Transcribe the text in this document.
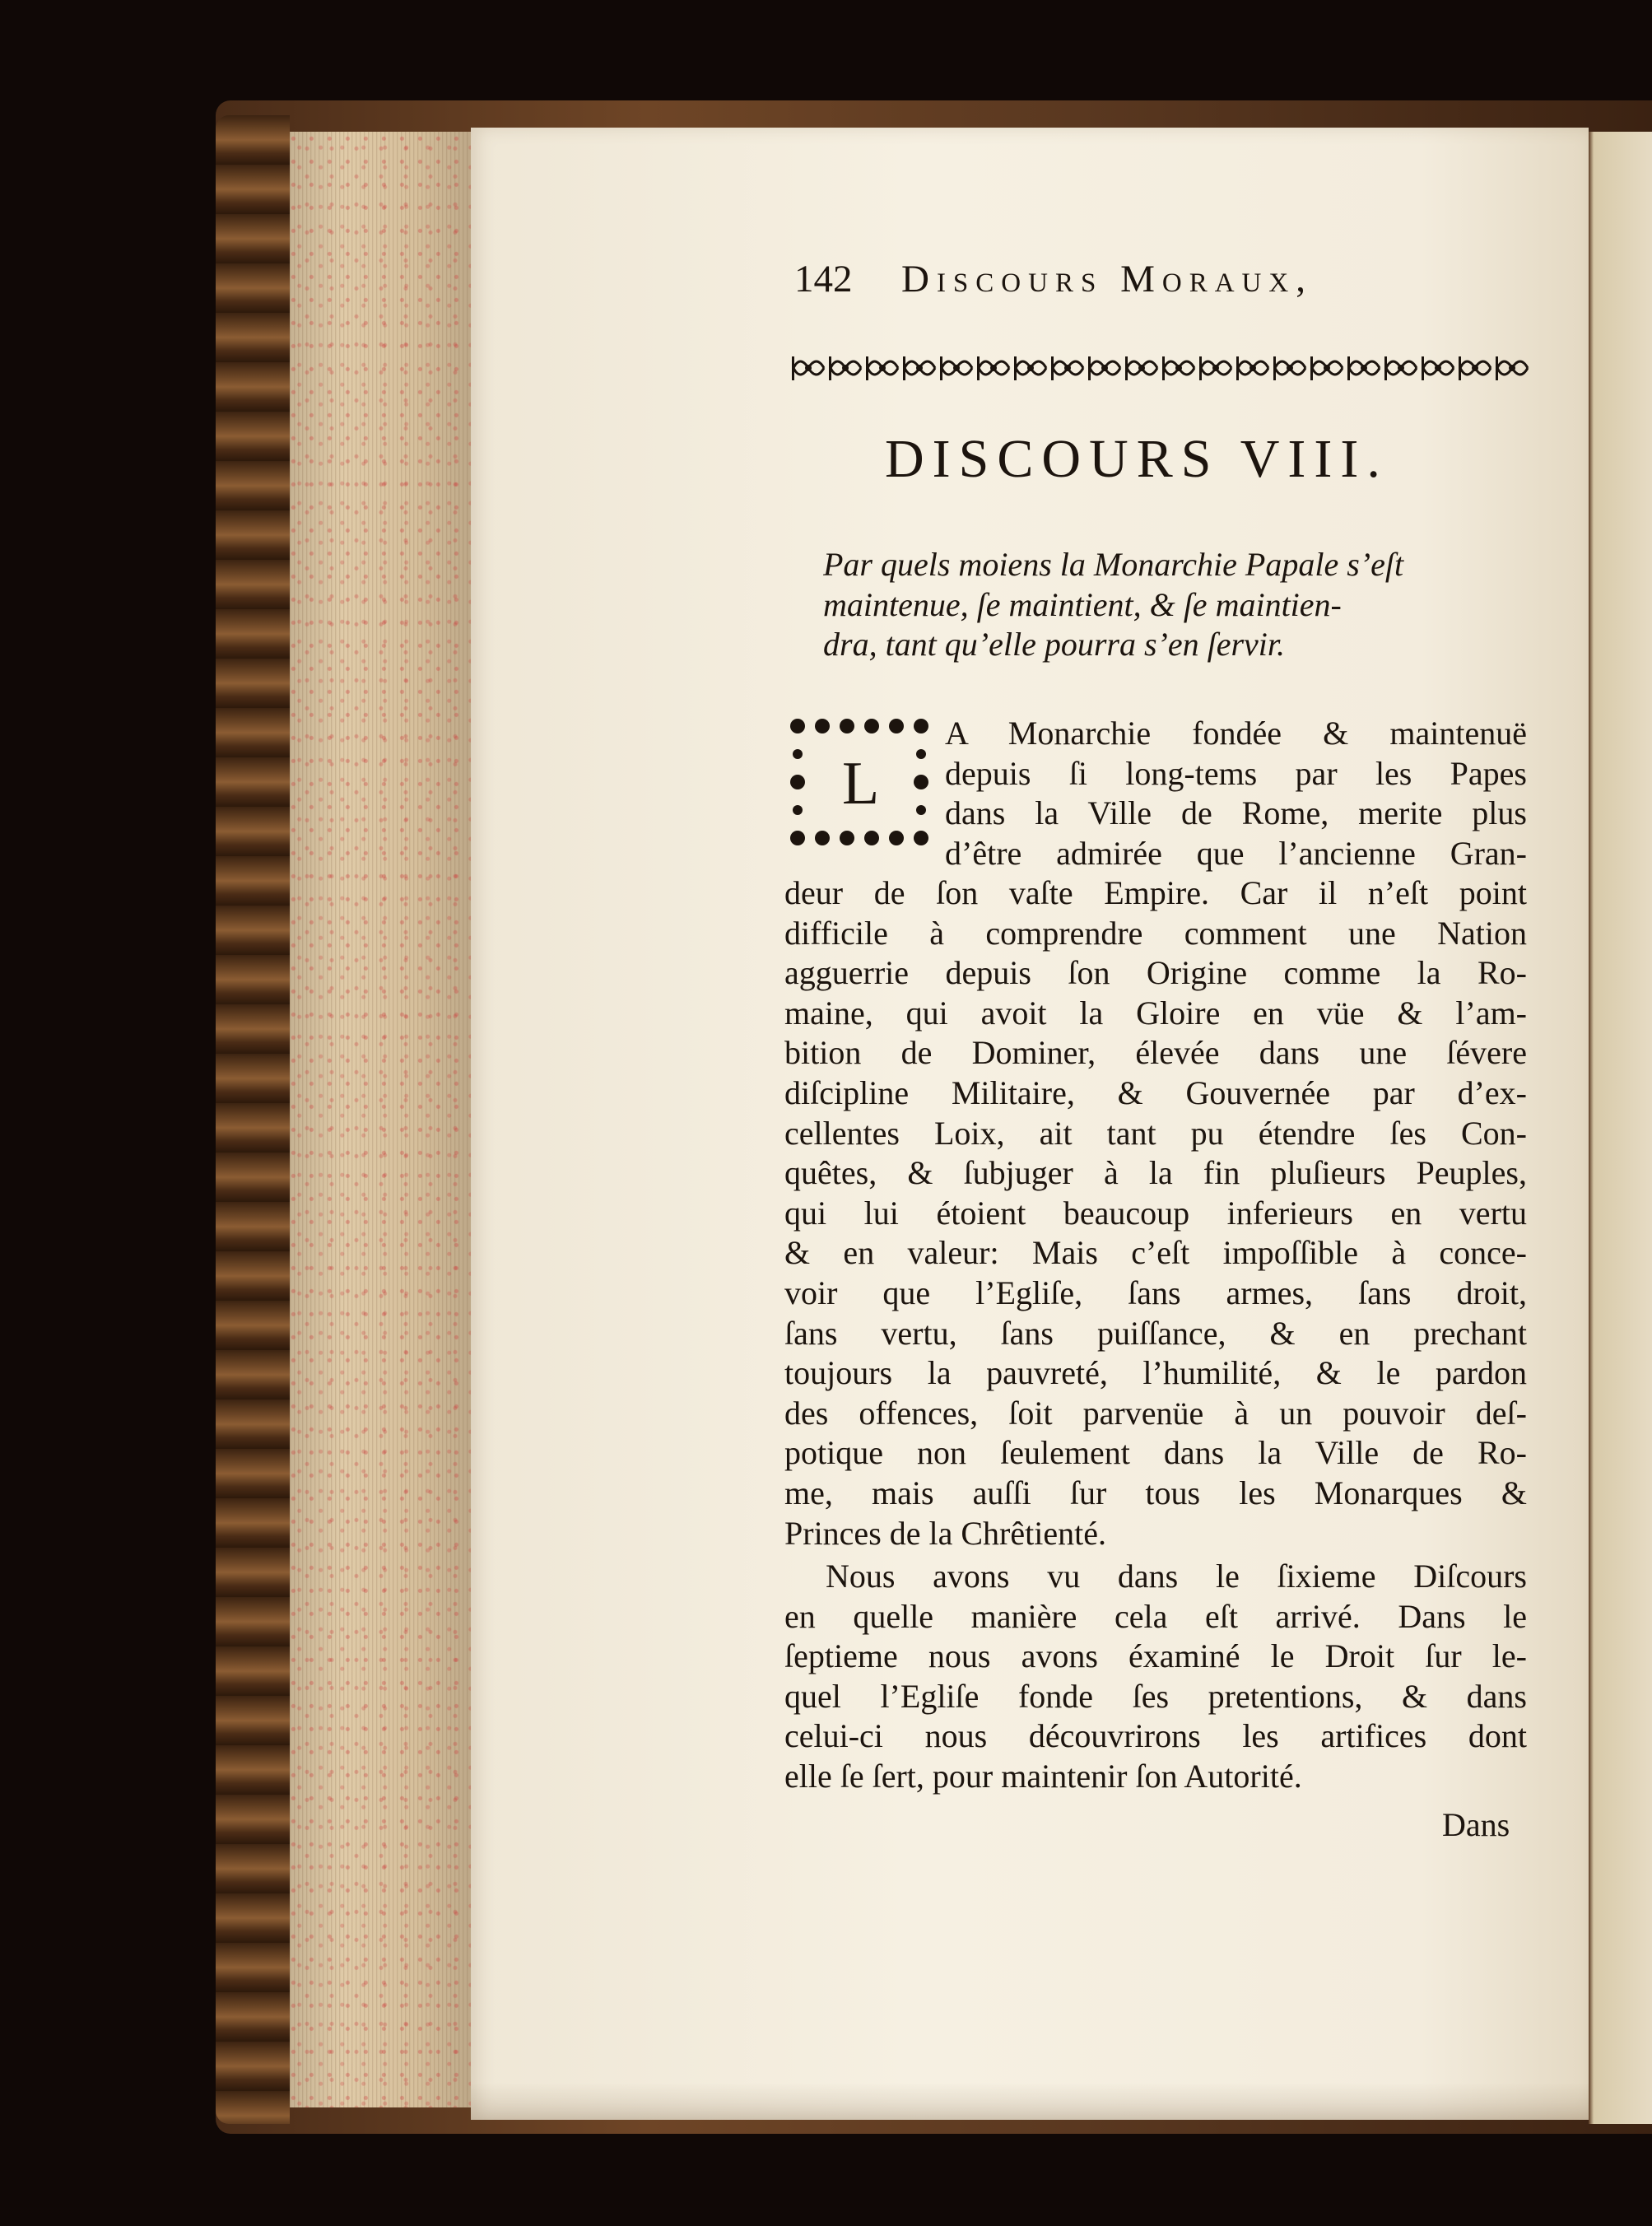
142 Discours Moraux,
DISCOURS VIII.
Par quels moiens la Monarchie Papale s’eſt
maintenue, ſe maintient, & ſe maintien-
dra, tant qu’elle pourra s’en ſervir.
L
A Monarchie fondée & maintenuë
depuis ſi long-tems par les Papes
dans la Ville de Rome, merite plus
d’être admirée que l’ancienne Gran-
deur de ſon vaſte Empire. Car il n’eſt point
difficile à comprendre comment une Nation
agguerrie depuis ſon Origine comme la Ro-
maine, qui avoit la Gloire en vüe & l’am-
bition de Dominer, élevée dans une ſévere
diſcipline Militaire, & Gouvernée par d’ex-
cellentes Loix, ait tant pu étendre ſes Con-
quêtes, & ſubjuger à la fin pluſieurs Peuples,
qui lui étoient beaucoup inferieurs en vertu
& en valeur: Mais c’eſt impoſſible à conce-
voir que l’Egliſe, ſans armes, ſans droit,
ſans vertu, ſans puiſſance, & en prechant
toujours la pauvreté, l’humilité, & le pardon
des offences, ſoit parvenüe à un pouvoir deſ-
potique non ſeulement dans la Ville de Ro-
me, mais auſſi ſur tous les Monarques &
Princes de la Chrêtienté.
Nous avons vu dans le ſixieme Diſcours
en quelle manière cela eſt arrivé. Dans le
ſeptieme nous avons éxaminé le Droit ſur le-
quel l’Egliſe fonde ſes pretentions, & dans
celui-ci nous découvrirons les artifices dont
elle ſe ſert, pour maintenir ſon Autorité.
Dans
